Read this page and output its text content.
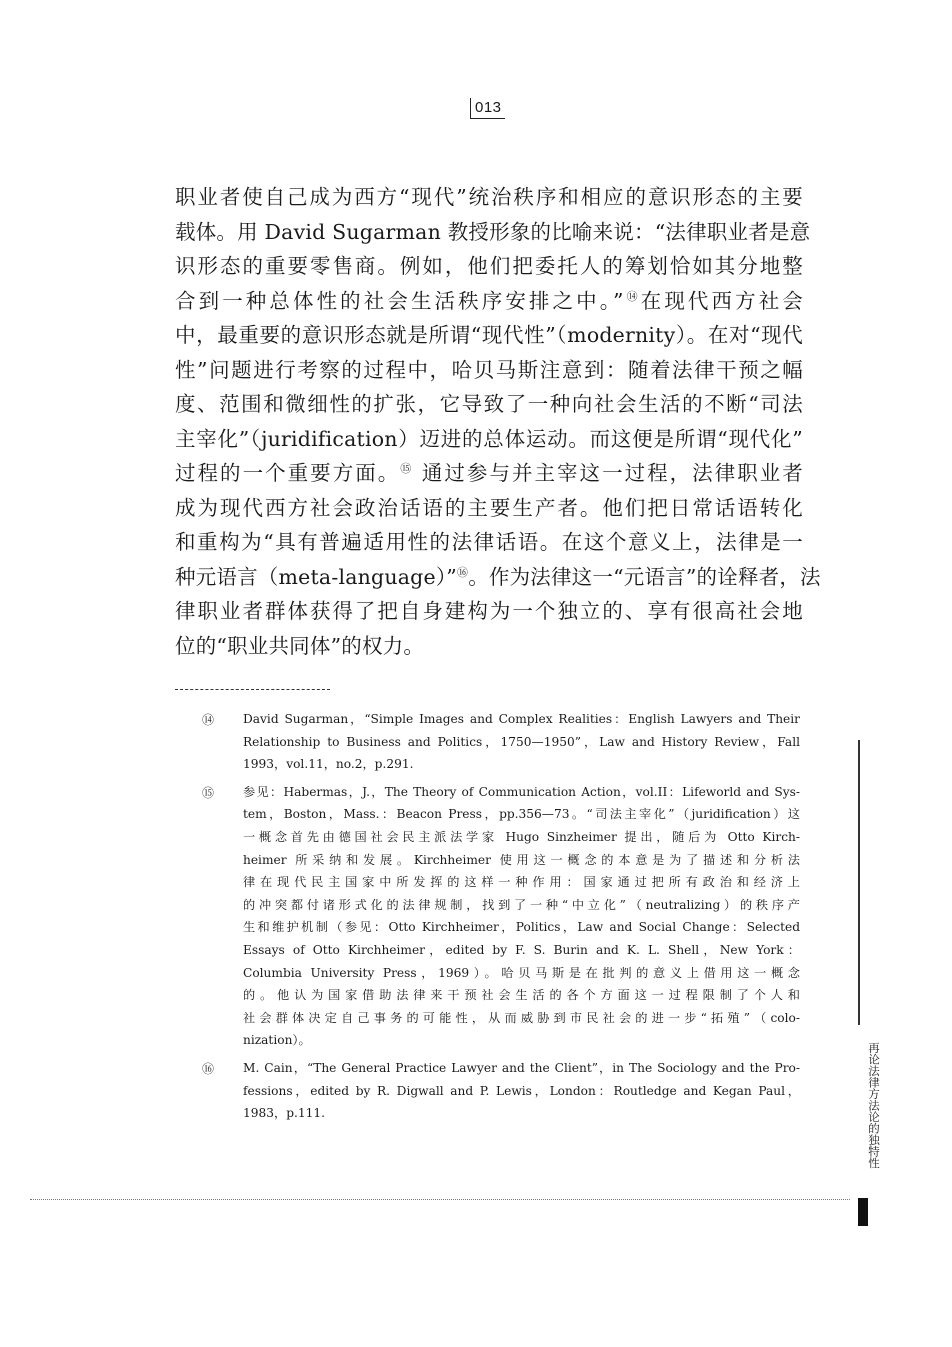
013
职业者使自己成为西方“现代”统治秩序和相应的意识形态的主要
载体。用 David Sugarman 教授形象的比喻来说：“法律职业者是意
识形态的重要零售商。例如，他们把委托人的筹划恰如其分地整
合到一种总体性的社会生活秩序安排之中。”⑭在现代西方社会
中，最重要的意识形态就是所谓“现代性”（modernity）。在对“现代
性”问题进行考察的过程中，哈贝马斯注意到：随着法律干预之幅
度、范围和微细性的扩张，它导致了一种向社会生活的不断“司法
主宰化”（juridification）迈进的总体运动。而这便是所谓“现代化”
过程的一个重要方面。⑮ 通过参与并主宰这一过程，法律职业者
成为现代西方社会政治话语的主要生产者。他们把日常话语转化
和重构为“具有普遍适用性的法律话语。在这个意义上，法律是一
种元语言（meta-language）”⑯。作为法律这一“元语言”的诠释者，法
律职业者群体获得了把自身建构为一个独立的、享有很高社会地
位的“职业共同体”的权力。
⑭ David Sugarman，“Simple Images and Complex Realities：English Lawyers and Their
Relationship to Business and Politics，1750—1950”，Law and History Review，Fall
1993，vol.11，no.2，p.291.
⑮ 参见：Habermas，J.，The Theory of Communication Action，vol.II：Lifeworld and Sys-
tem，Boston，Mass.：Beacon Press，pp.356—73。“司法主宰化”（juridification）这
一概念首先由德国社会民主派法学家 Hugo Sinzheimer 提出，随后为 Otto Kirch-
heimer 所采纳和发展。Kirchheimer 使用这一概念的本意是为了描述和分析法
律在现代民主国家中所发挥的这样一种作用：国家通过把所有政治和经济上
的冲突都付诸形式化的法律规制，找到了一种“中立化”（neutralizing）的秩序产
生和维护机制（参见：Otto Kirchheimer，Politics，Law and Social Change：Selected
Essays of Otto Kirchheimer，edited by F. S. Burin and K. L. Shell，New York：
Columbia University Press，1969）。哈贝马斯是在批判的意义上借用这一概念
的。他认为国家借助法律来干预社会生活的各个方面这一过程限制了个人和
社会群体决定自己事务的可能性，从而威胁到市民社会的进一步“拓殖”（colo-
nization）。
⑯ M. Cain，“The General Practice Lawyer and the Client”，in The Sociology and the Pro-
fessions，edited by R. Digwall and P. Lewis，London：Routledge and Kegan Paul，
1983，p.111.	再论法律方法论的独特性
